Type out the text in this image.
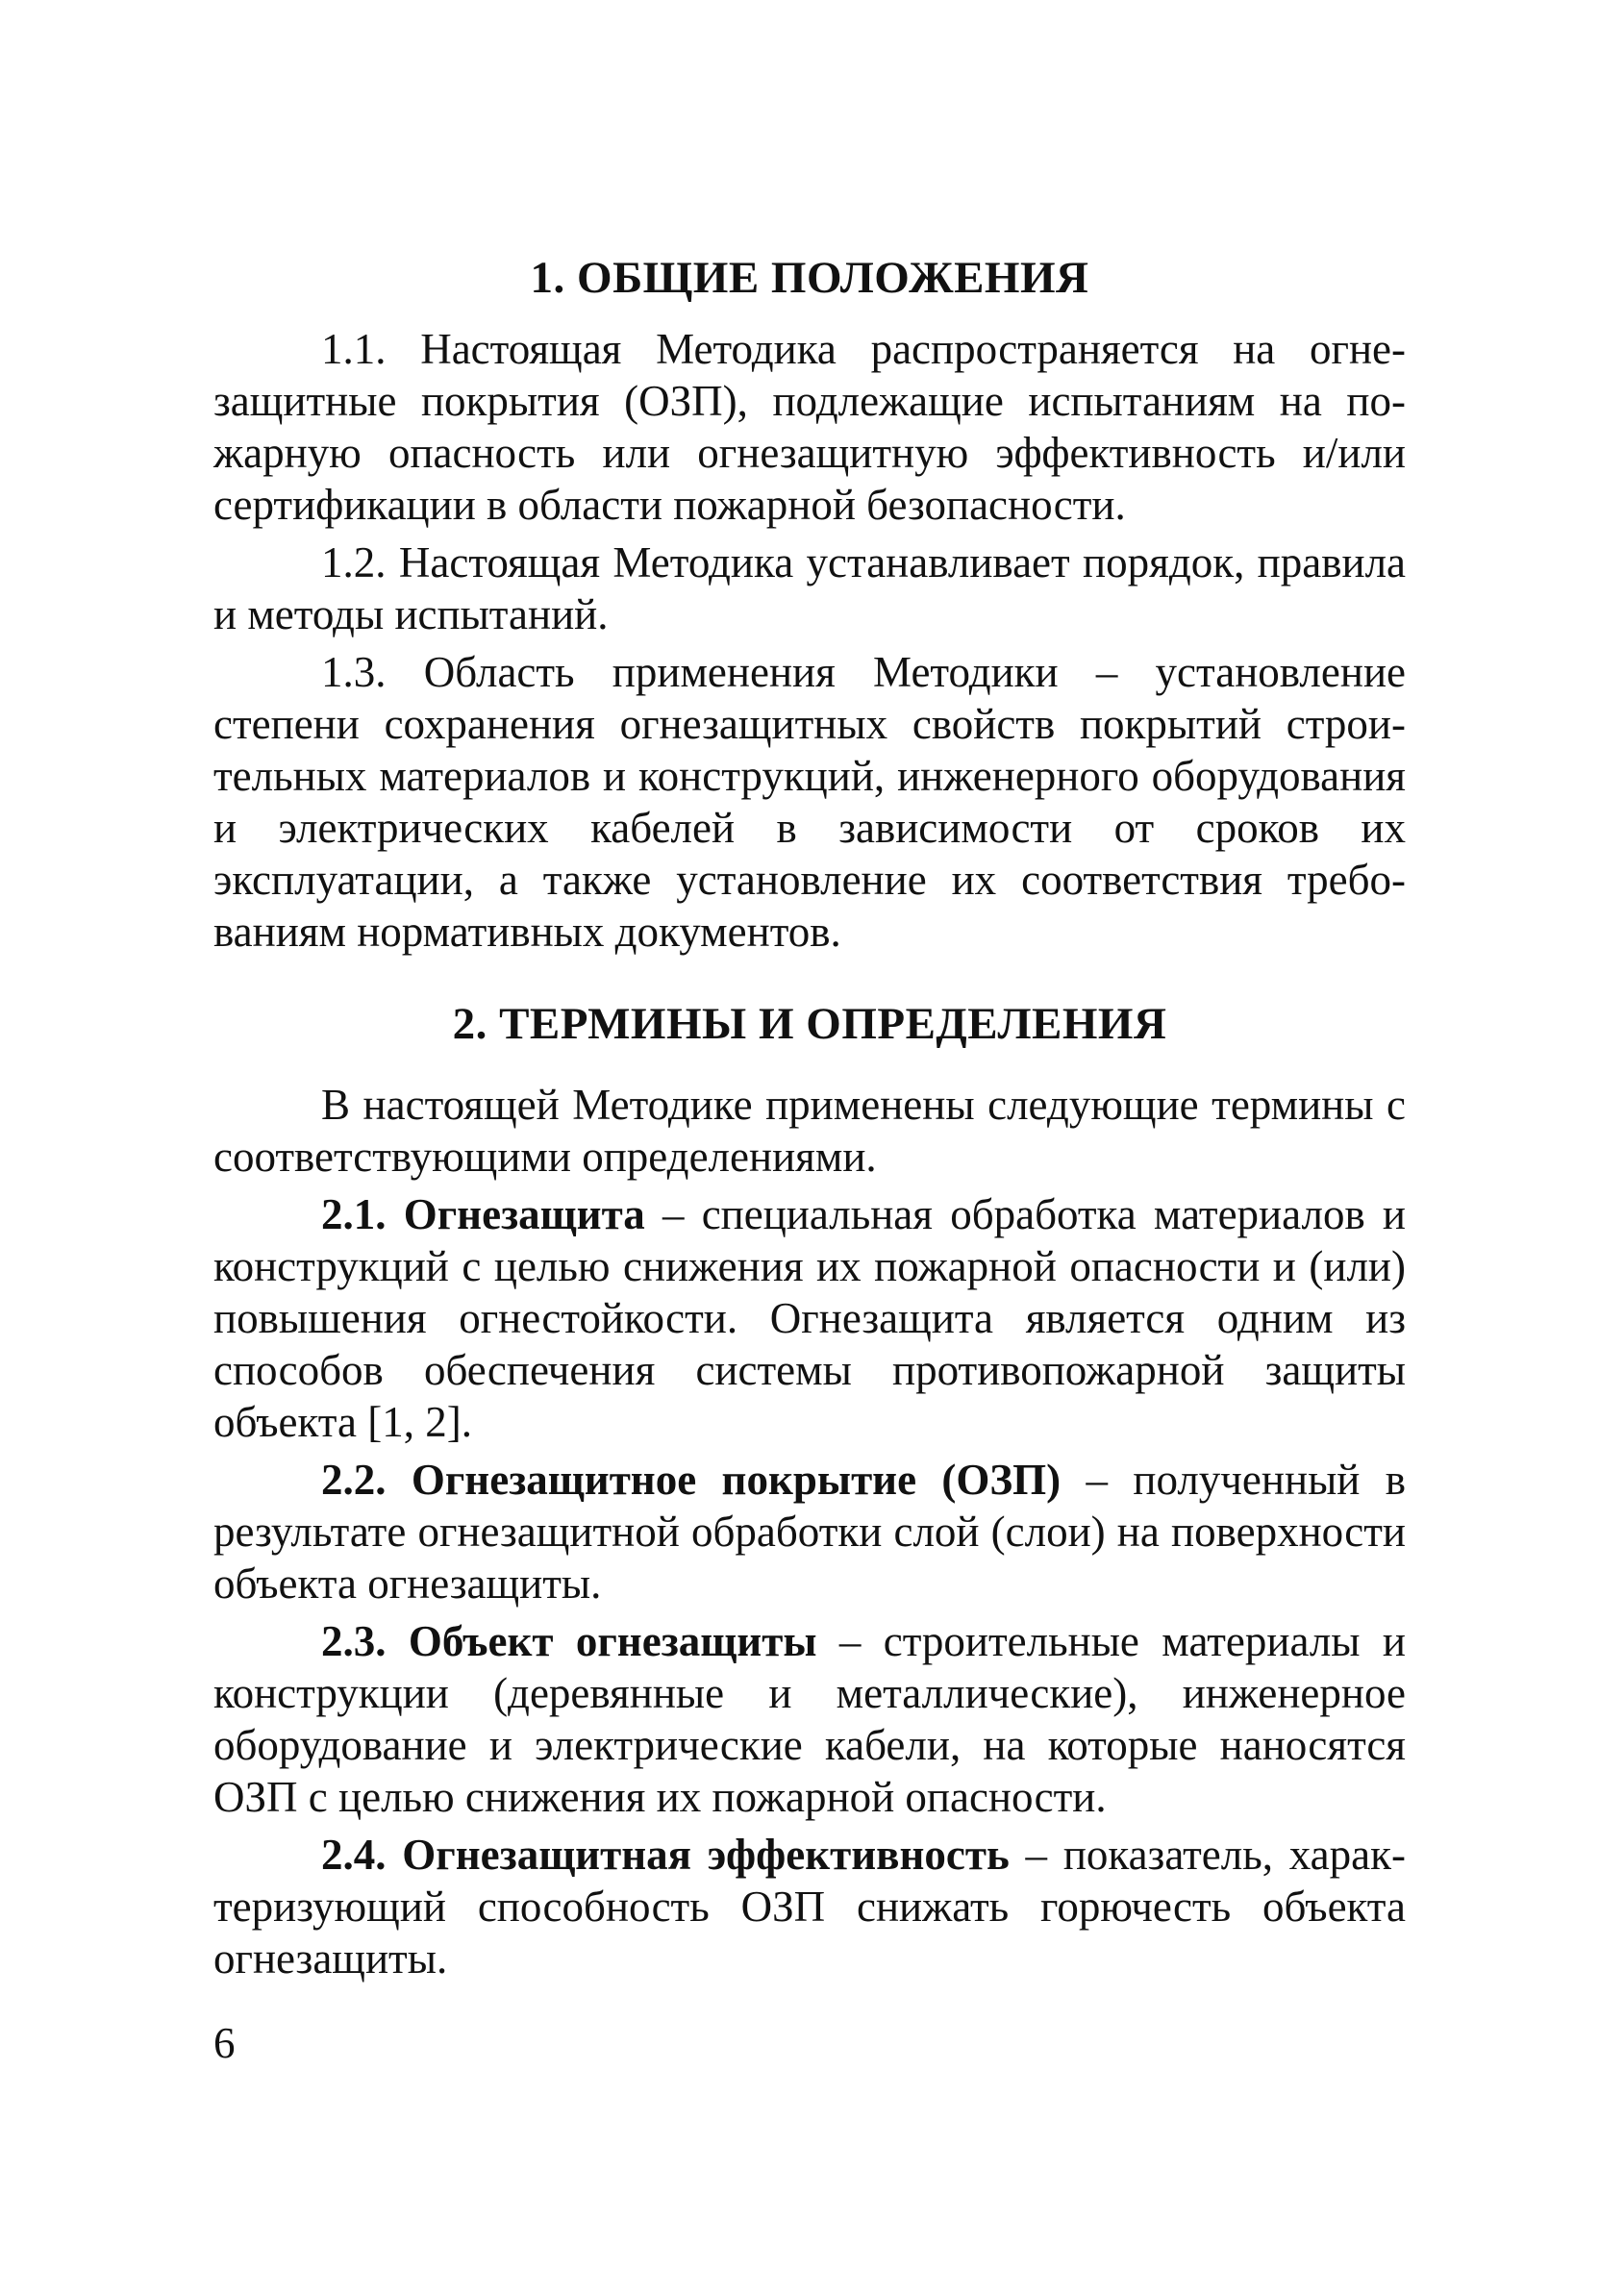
1. ОБЩИЕ ПОЛОЖЕНИЯ

1.1. Настоящая Методика распространяется на огнезащитные покрытия (ОЗП), подлежащие испытаниям на пожарную опасность или огнезащитную эффективность и/или сертификации в области пожарной безопасности.

1.2. Настоящая Методика устанавливает порядок, правила и методы испытаний.

1.3. Область применения Методики – установление степени сохранения огнезащитных свойств покрытий строительных материалов и конструкций, инженерного оборудования и электрических кабелей в зависимости от сроков их эксплуатации, а также установление их соответствия требованиям нормативных документов.

2. ТЕРМИНЫ И ОПРЕДЕЛЕНИЯ

В настоящей Методике применены следующие термины с соответствующими определениями.

2.1. Огнезащита – специальная обработка материалов и конструкций с целью снижения их пожарной опасности и (или) повышения огнестойкости. Огнезащита является одним из способов обеспечения системы противопожарной защиты объекта [1, 2].

2.2. Огнезащитное покрытие (ОЗП) – полученный в результате огнезащитной обработки слой (слои) на поверхности объекта огнезащиты.

2.3. Объект огнезащиты – строительные материалы и конструкции (деревянные и металлические), инженерное оборудование и электрические кабели, на которые наносятся ОЗП с целью снижения их пожарной опасности.

2.4. Огнезащитная эффективность – показатель, характеризующий способность ОЗП снижать горючесть объекта огнезащиты.

6
